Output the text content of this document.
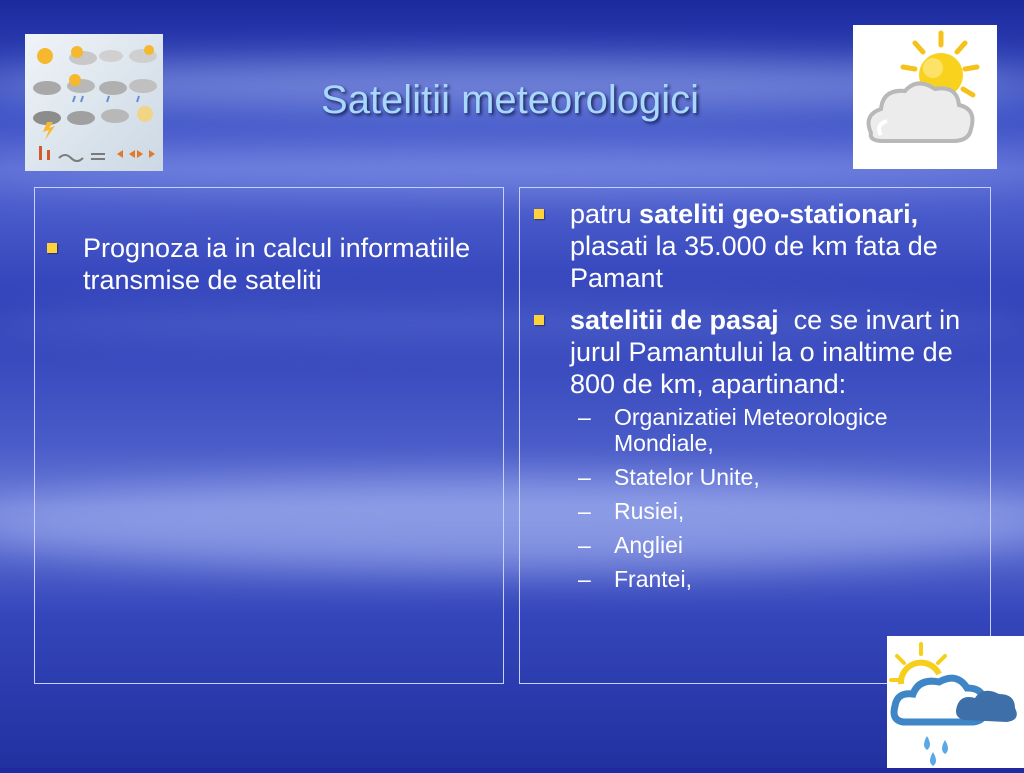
Satelitii meteorologici
Prognoza ia in calcul informatiile transmise de sateliti
patru sateliti geo-stationari, plasati la 35.000 de km fata de Pamant
satelitii de pasaj  ce se invart in jurul Pamantului la o inaltime de 800 de km, apartinand:
–	Organizatiei Meteorologice Mondiale,
–	Statelor Unite,
–	Rusiei,
–	Angliei
–	Frantei,
